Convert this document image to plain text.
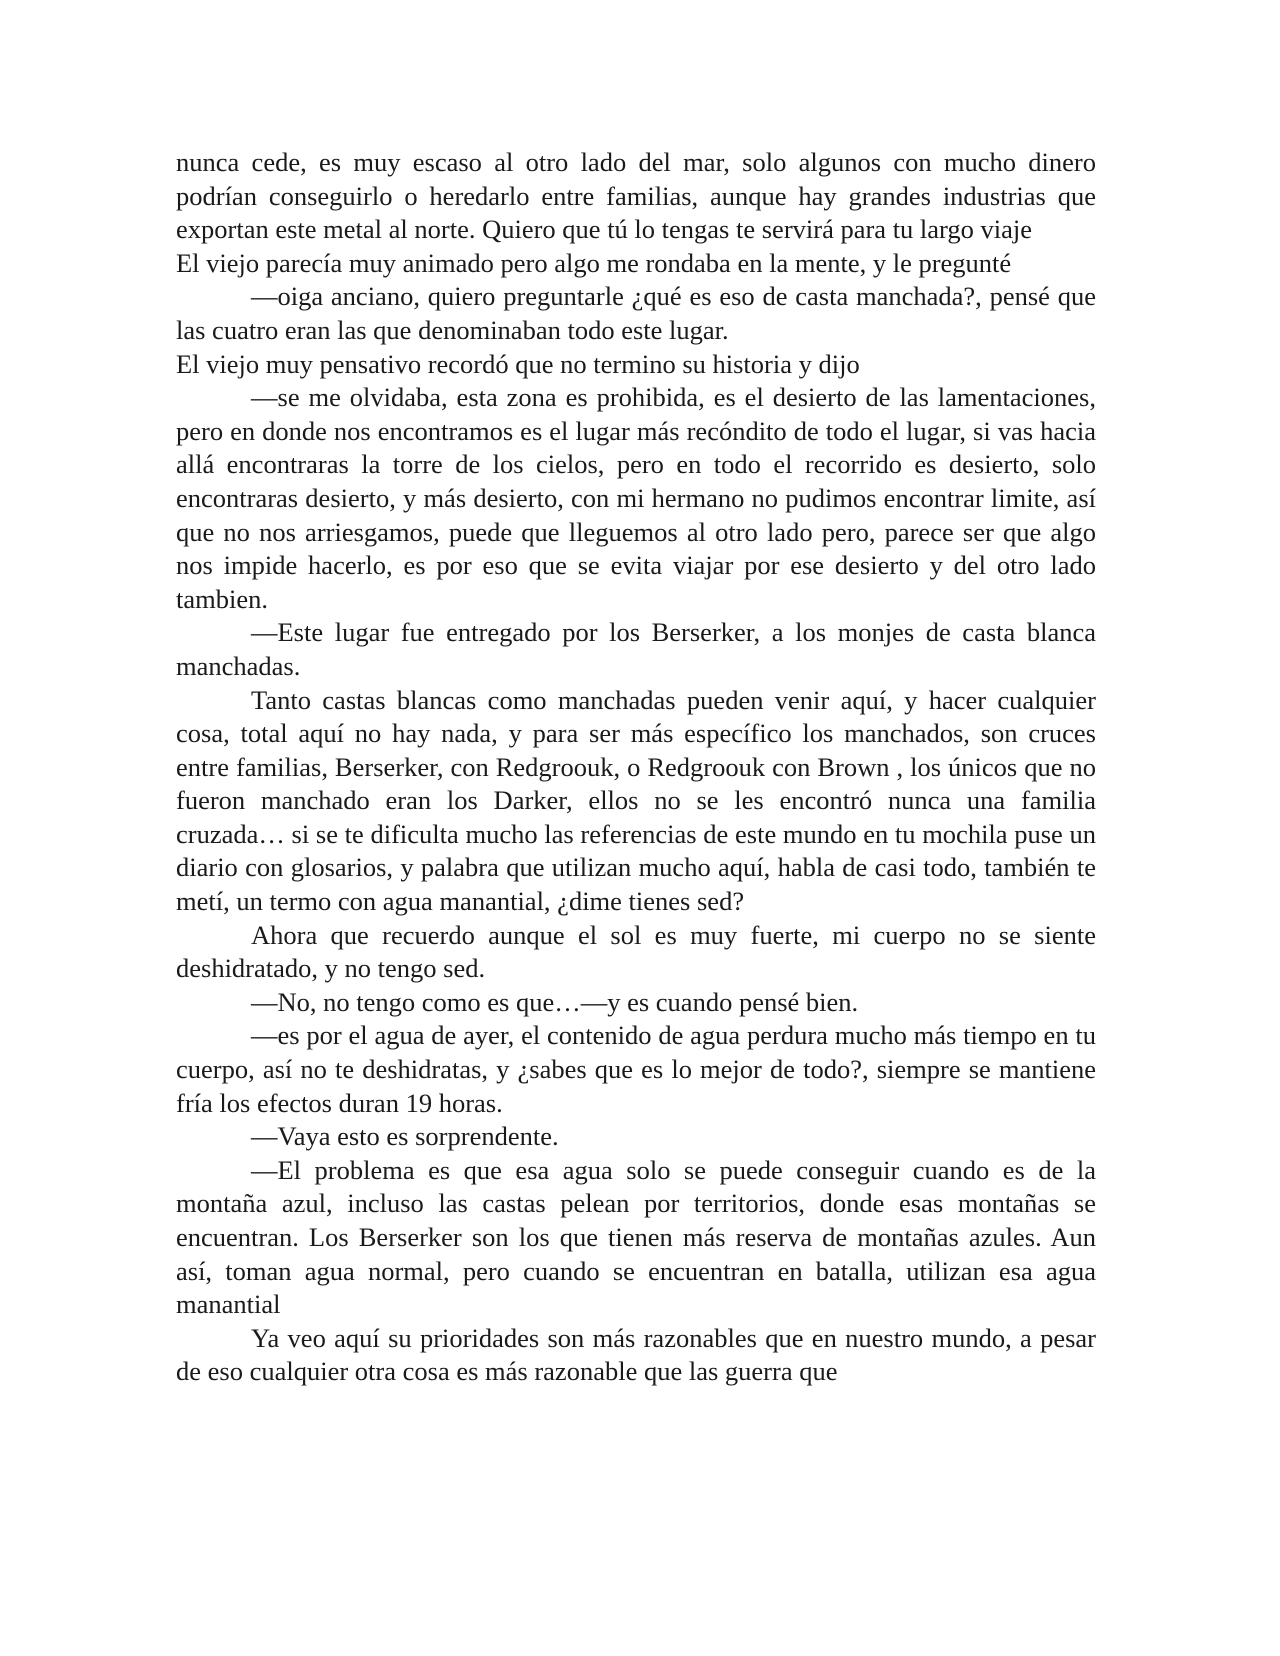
nunca cede, es muy escaso al otro lado del mar, solo algunos con mucho dinero podrían conseguirlo o heredarlo entre familias, aunque hay grandes industrias que exportan este metal al norte. Quiero que tú lo tengas te servirá para tu largo viaje

El viejo parecía muy animado pero algo me rondaba en la mente, y le pregunté

—oiga anciano, quiero preguntarle ¿qué es eso de casta manchada?, pensé que las cuatro eran las que denominaban todo este lugar.

El viejo muy pensativo recordó que no termino su historia y dijo

—se me olvidaba, esta zona es prohibida, es el desierto de las lamentaciones, pero en donde nos encontramos es el lugar más recóndito de todo el lugar, si vas hacia allá encontraras la torre de los cielos, pero en todo el recorrido es desierto, solo encontraras desierto, y más desierto, con mi hermano no pudimos encontrar limite, así que no nos arriesgamos, puede que lleguemos al otro lado pero, parece ser que algo nos impide hacerlo, es por eso que se evita viajar por ese desierto y del otro lado tambien.

—Este lugar fue entregado por los Berserker, a los monjes de casta blanca manchadas.

Tanto castas blancas como manchadas pueden venir aquí, y hacer cualquier cosa, total aquí no hay nada, y para ser más específico los manchados, son cruces entre familias, Berserker, con Redgroouk, o Redgroouk con Brown , los únicos que no fueron manchado eran los Darker, ellos no se les encontró nunca una familia cruzada… si se te dificulta mucho las referencias de este mundo en tu mochila puse un diario con glosarios, y palabra que utilizan mucho aquí, habla de casi todo, también te metí, un termo con agua manantial, ¿dime tienes sed?

Ahora que recuerdo aunque el sol es muy fuerte, mi cuerpo no se siente deshidratado, y no tengo sed.

—No, no tengo como es que…—y es cuando pensé bien.

—es por el agua de ayer, el contenido de agua perdura mucho más tiempo en tu cuerpo, así no te deshidratas, y ¿sabes que es lo mejor de todo?, siempre se mantiene fría los efectos duran 19 horas.

—Vaya esto es sorprendente.

—El problema es que esa agua solo se puede conseguir cuando es de la montaña azul, incluso las castas pelean por territorios, donde esas montañas se encuentran. Los Berserker son los que tienen más reserva de montañas azules. Aun así, toman agua normal, pero cuando se encuentran en batalla, utilizan esa agua manantial

Ya veo aquí su prioridades son más razonables que en nuestro mundo, a pesar de eso cualquier otra cosa es más razonable que las guerra que
